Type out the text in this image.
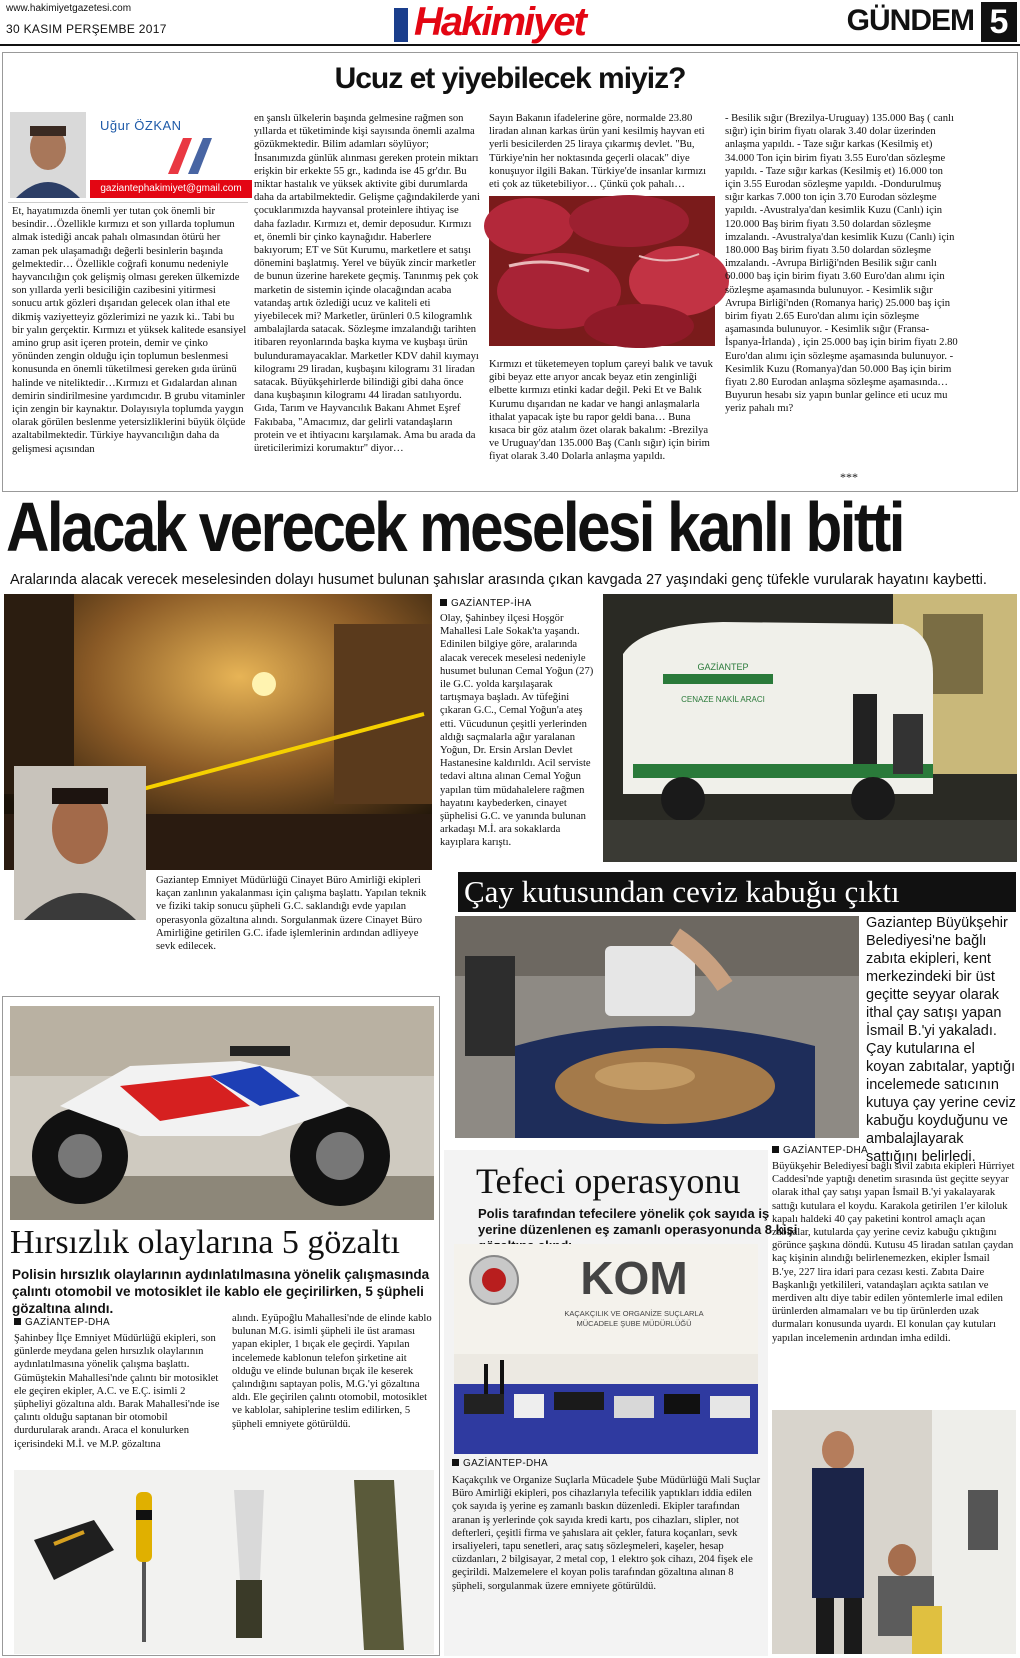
www.hakimiyetgazetesi.com
30 KASIM PERŞEMBE 2017	Hakimiyet	GÜNDEM 5
Ucuz et yiyebilecek miyiz?
Uğur ÖZKAN
gaziantephakimiyet@gmail.com
Et, hayatımızda önemli yer tutan çok önemli bir besindir…Özellikle kırmızı et son yıllarda toplumun almak istediği ancak pahalı olmasından ötürü her zaman pek ulaşamadığı değerli besinlerin başında gelmektedir… Özellikle coğrafi konumu nedeniyle hayvancılığın çok gelişmiş olması gereken ülkemizde son yıllarda yerli besiciliğin cazibesini yitirmesi sonucu artık gözleri dışarıdan gelecek olan ithal ete dikmiş vaziyetteyiz gözlerimizi ne yazık ki.. Tabi bu bir yalın gerçektir. Kırmızı et yüksek kalitede esansiyel amino grup asit içeren protein, demir ve çinko yönünden zengin olduğu için toplumun beslenmesi konusunda en önemli tüketilmesi gereken gıda ürünü halinde ve niteliktedir…Kırmızı et Gıdalardan alınan demirin sindirilmesine yardımcıdır. B grubu vitaminler için zengin bir kaynaktır. Dolayısıyla toplumda yaygın olarak görülen beslenme yetersizliklerini büyük ölçüde azaltabilmektedir. Türkiye hayvancılığın daha da gelişmesi açısından
en şanslı ülkelerin başında gelmesine rağmen son yıllarda et tüketiminde kişi sayısında önemli azalma gözükmektedir. Bilim adamları söylüyor; İnsanımızda günlük alınması gereken protein miktarı erişkin bir erkekte 55 gr., kadında ise 45 gr'dır. Bu miktar hastalık ve yüksek aktivite gibi durumlarda daha da artabilmektedir. Gelişme çağındakilerde yani çocuklarımızda hayvansal proteinlere ihtiyaç ise daha fazladır. Kırmızı et, demir deposudur. Kırmızı et, önemli bir çinko kaynağıdır. Haberlere bakıyorum; ET ve Süt Kurumu, marketlere et satışı dönemini başlatmış. Yerel ve büyük zincir marketler de bunun üzerine harekete geçmiş. Tanınmış pek çok marketin de sistemin içinde olacağından acaba vatandaş artık özlediği ucuz ve kaliteli eti yiyebilecek mi? Marketler, ürünleri 0.5 kilogramlık ambalajlarda satacak. Sözleşme imzalandığı tarihten itibaren reyonlarında başka kıyma ve kuşbaşı ürün bulunduramayacaklar. Marketler KDV dahil kıymayı kilogramı 29 liradan, kuşbaşını kilogramı 31 liradan satacak. Büyükşehirlerde bilindiği gibi daha önce dana kuşbaşının kilogramı 44 liradan satılıyordu. Gıda, Tarım ve Hayvancılık Bakanı Ahmet Eşref Fakıbaba, "Amacımız, dar gelirli vatandaşların protein ve et ihtiyacını karşılamak. Ama bu arada da üreticilerimizi korumaktır" diyor…
Sayın Bakanın ifadelerine göre, normalde 23.80 liradan alınan karkas ürün yani kesilmiş hayvan eti yerli besicilerden 25 liraya çıkarmış devlet. "Bu, Türkiye'nin her noktasında geçerli olacak" diye konuşuyor ilgili Bakan. Türkiye'de insanlar kırmızı eti çok az tüketebiliyor… Çünkü çok pahalı…
Kırmızı et tüketemeyen toplum çareyi balık ve tavuk gibi beyaz ette arıyor ancak beyaz etin zenginliği elbette kırmızı etinki kadar değil. Peki Et ve Balık Kurumu dışarıdan ne kadar ve hangi anlaşmalarla ithalat yapacak işte bu rapor geldi bana… Buna kısaca bir göz atalım özet olarak bakalım: -Brezilya ve Uruguay'dan 135.000 Baş (Canlı sığır) için birim fiyat olarak 3.40 Dolarla anlaşma yapıldı.
- Besilik sığır (Brezilya-Uruguay) 135.000 Baş ( canlı sığır) için birim fiyatı olarak 3.40 dolar üzerinden anlaşma yapıldı. - Taze sığır karkas (Kesilmiş et) 34.000 Ton için birim fiyatı 3.55 Euro'dan sözleşme yapıldı. - Taze sığır karkas (Kesilmiş et) 16.000 ton için 3.55 Eurodan sözleşme yapıldı. -Dondurulmuş sığır karkas 7.000 ton için 3.70 Eurodan sözleşme yapıldı. -Avustralya'dan kesimlik Kuzu (Canlı) için 120.000 Baş birim fiyatı 3.50 dolardan sözleşme imzalandı. -Avustralya'dan kesimlik Kuzu (Canlı) için 180.000 Baş birim fiyatı 3.50 dolardan sözleşme imzalandı. -Avrupa Birliği'nden Besilik sığır canlı 60.000 baş için birim fiyatı 3.60 Euro'dan alımı için sözleşme aşamasında bulunuyor. - Kesimlik sığır Avrupa Birliği'nden (Romanya hariç) 25.000 baş için birim fiyatı 2.65 Euro'dan alımı için sözleşme aşamasında bulunuyor. - Kesimlik sığır (Fransa-İspanya-İrlanda) , için 25.000 baş için birim fiyatı 2.80 Euro'dan alımı için sözleşme aşamasında bulunuyor. - Kesimlik Kuzu (Romanya)'dan 50.000 Baş için birim fiyatı 2.80 Eurodan anlaşma sözleşme aşamasında… Buyurun hesabı siz yapın bunlar gelince eti ucuz mu yeriz pahalı mı?
***
Alacak verecek meselesi kanlı bitti
Aralarında alacak verecek meselesinden dolayı husumet bulunan şahıslar arasında çıkan kavgada 27 yaşındaki genç tüfekle vurularak hayatını kaybetti.
Gaziantep Emniyet Müdürlüğü Cinayet Büro Amirliği ekipleri kaçan zanlının yakalanması için çalışma başlattı. Yapılan teknik ve fiziki takip sonucu şüpheli G.C. saklandığı evde yapılan operasyonla gözaltına alındı. Sorgulanmak üzere Cinayet Büro Amirliğine getirilen G.C. ifade işlemlerinin ardından adliyeye sevk edilecek.
GAZİANTEP-İHA
Olay, Şahinbey ilçesi Hoşgör Mahallesi Lale Sokak'ta yaşandı. Edinilen bilgiye göre, aralarında alacak verecek meselesi nedeniyle husumet bulunan Cemal Yoğun (27) ile G.C. yolda karşılaşarak tartışmaya başladı. Av tüfeğini çıkaran G.C., Cemal Yoğun'a ateş etti. Vücudunun çeşitli yerlerinden aldığı saçmalarla ağır yaralanan Yoğun, Dr. Ersin Arslan Devlet Hastanesine kaldırıldı. Acil serviste tedavi altına alınan Cemal Yoğun yapılan tüm müdahalelere rağmen hayatını kaybederken, cinayet şüphelisi G.C. ve yanında bulunan arkadaşı M.İ. ara sokaklarda kayıplara karıştı.
GAZİANTEP
CENAZE NAKİL ARACI
Çay kutusundan ceviz kabuğu çıktı
Gaziantep Büyükşehir Belediyesi'ne bağlı zabıta ekipleri, kent merkezindeki bir üst geçitte seyyar olarak ithal çay satışı yapan İsmail B.'yi yakaladı. Çay kutularına el koyan zabıtalar, yaptığı incelemede satıcının kutuya çay yerine ceviz kabuğu koyduğunu ve ambalajlayarak sattığını belirledi.
GAZİANTEP-DHA
Büyükşehir Belediyesi bağlı sivil zabıta ekipleri Hürriyet Caddesi'nde yaptığı denetim sırasında üst geçitte seyyar olarak ithal çay satışı yapan İsmail B.'yi yakalayarak sattığı kutulara el koydu. Karakola getirilen 1'er kiloluk kapalı haldeki 40 çay paketini kontrol amaçlı açan zabıtalar, kutularda çay yerine ceviz kabuğu çıktığını görünce şaşkına döndü. Kutusu 45 liradan satılan çaydan kaç kişinin alındığı belirlenemezken, ekipler İsmail B.'ye, 227 lira idari para cezası kesti. Zabıta Daire Başkanlığı yetkilileri, vatandaşları açıkta satılan ve merdiven altı diye tabir edilen yöntemlerle imal edilen ürünlerden almamaları ve bu tip ürünlerden uzak durmaları konusunda uyardı. El konulan çay kutuları yapılan incelemenin ardından imha edildi.
Hırsızlık olaylarına 5 gözaltı
Polisin hırsızlık olaylarının aydınlatılmasına yönelik çalışmasında çalıntı otomobil ve motosiklet ile kablo ele geçirilirken, 5 şüpheli gözaltına alındı.
GAZİANTEP-DHA
Şahinbey İlçe Emniyet Müdürlüğü ekipleri, son günlerde meydana gelen hırsızlık olaylarının aydınlatılmasına yönelik çalışma başlattı. Gümüştekin Mahallesi'nde çalıntı bir motosiklet ele geçiren ekipler, A.C. ve E.Ç. isimli 2 şüpheliyi gözaltına aldı. Barak Mahallesi'nde ise çalıntı olduğu saptanan bir otomobil durdurularak arandı. Araca el konulurken içerisindeki M.İ. ve M.P. gözaltına
alındı. Eyüpoğlu Mahallesi'nde de elinde kablo bulunan M.G. isimli şüpheli ile üst araması yapan ekipler, 1 bıçak ele geçirdi. Yapılan incelemede kablonun telefon şirketine ait olduğu ve elinde bulunan bıçak ile keserek çalındığını saptayan polis, M.G.'yi gözaltına aldı. Ele geçirilen çalıntı otomobil, motosiklet ve kablolar, sahiplerine teslim edilirken, 5 şüpheli emniyete götürüldü.
Tefeci operasyonu
Polis tarafından tefecilere yönelik çok sayıda iş yerine düzenlenen eş zamanlı operasyonunda 8 kişi
KOM
KAÇAKÇILIK VE ORGANİZE SUÇLARLA
MÜCADELE ŞUBE MÜDÜRLÜĞÜ
GAZİANTEP-DHA
Kaçakçılık ve Organize Suçlarla Mücadele Şube Müdürlüğü Mali Suçlar Büro Amirliği ekipleri, pos cihazlarıyla tefecilik yaptıkları iddia edilen çok sayıda iş yerine eş zamanlı baskın düzenledi. Ekipler tarafından aranan iş yerlerinde çok sayıda kredi kartı, pos cihazları, slipler, not defterleri, çeşitli firma ve şahıslara ait çekler, fatura koçanları, sevk irsaliyeleri, tapu senetleri, araç satış sözleşmeleri, kaşeler, hesap cüzdanları, 2 bilgisayar, 2 metal cop, 1 elektro şok cihazı, 204 fişek ele geçirildi. Malzemelere el koyan polis tarafından gözaltına alınan 8 şüpheli, sorgulanmak üzere emniyete götürüldü.
